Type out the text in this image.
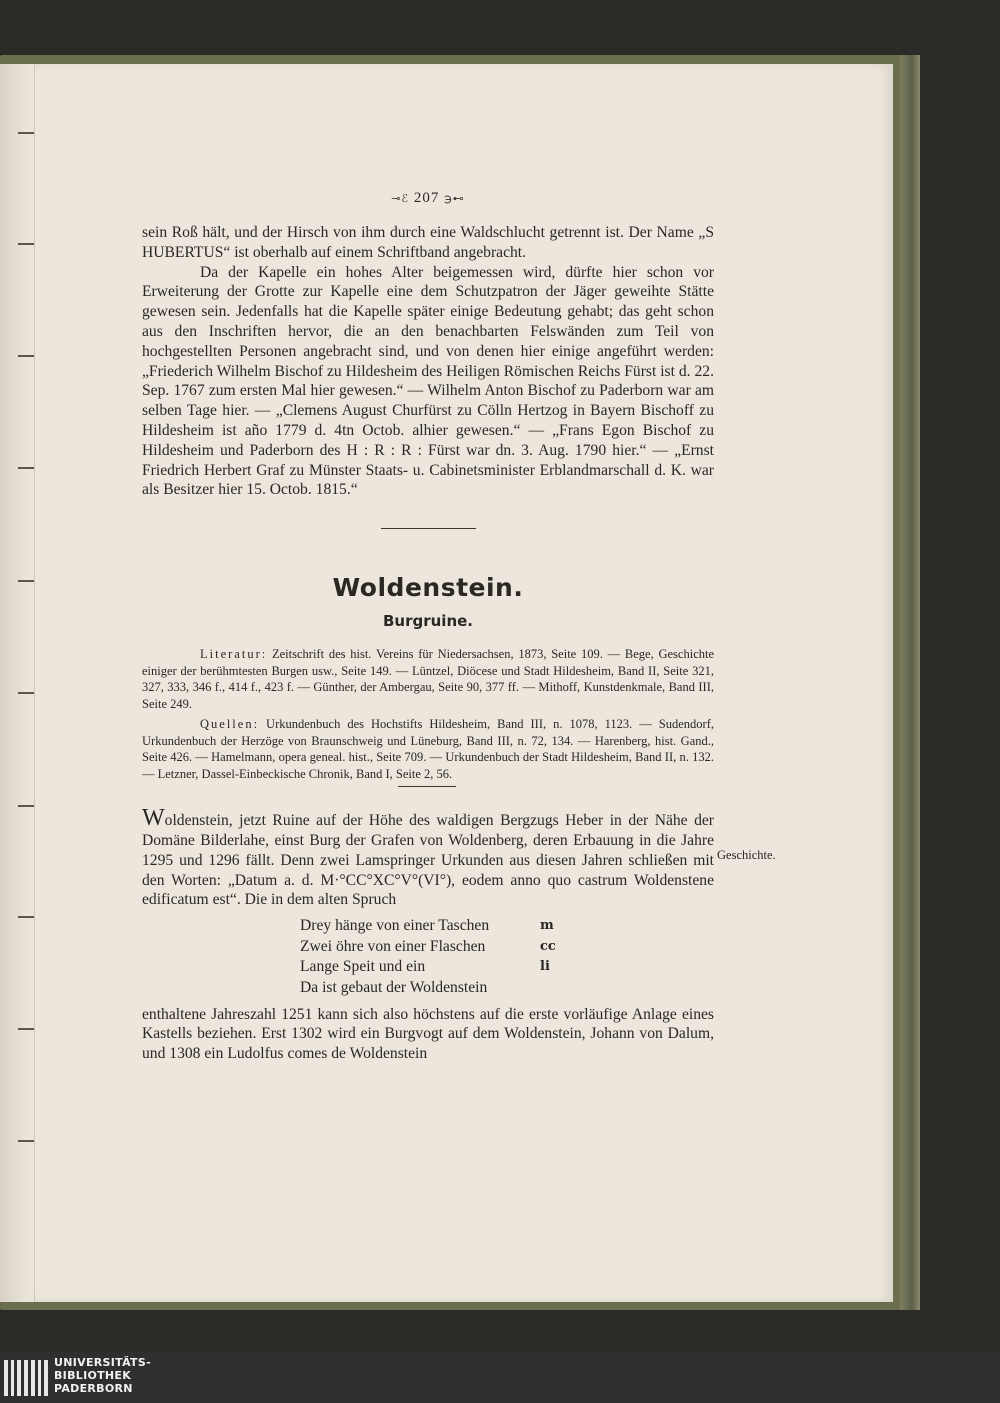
⊸ℰ 207 ℈⊷

sein Roß hält, und der Hirsch von ihm durch eine Waldschlucht getrennt ist. Der Name „S HUBERTUS“ ist oberhalb auf einem Schriftband angebracht.

Da der Kapelle ein hohes Alter beigemessen wird, dürfte hier schon vor Erweiterung der Grotte zur Kapelle eine dem Schutzpatron der Jäger geweihte Stätte gewesen sein. Jedenfalls hat die Kapelle später einige Bedeutung gehabt; das geht schon aus den Inschriften hervor, die an den benachbarten Felswänden zum Teil von hochgestellten Personen angebracht sind, und von denen hier einige angeführt werden: „Friederich Wilhelm Bischof zu Hildesheim des Heiligen Römischen Reichs Fürst ist d. 22. Sep. 1767 zum ersten Mal hier gewesen.“ — Wilhelm Anton Bischof zu Paderborn war am selben Tage hier. — „Clemens August Churfürst zu Cölln Hertzog in Bayern Bischoff zu Hildesheim ist año 1779 d. 4tn Octob. alhier gewesen.“ — „Frans Egon Bischof zu Hildesheim und Paderborn des H : R : R : Fürst war dn. 3. Aug. 1790 hier.“ — „Ernst Friedrich Herbert Graf zu Münster Staats- u. Cabinetsminister Erblandmarschall d. K. war als Besitzer hier 15. Octob. 1815.“

Woldenstein.
Burgruine.

Literatur: Zeitschrift des hist. Vereins für Niedersachsen, 1873, Seite 109. — Bege, Geschichte einiger der berühmtesten Burgen usw., Seite 149. — Lüntzel, Diöcese und Stadt Hildesheim, Band II, Seite 321, 327, 333, 346 f., 414 f., 423 f. — Günther, der Ambergau, Seite 90, 377 ff. — Mithoff, Kunstdenkmale, Band III, Seite 249.

Quellen: Urkundenbuch des Hochstifts Hildesheim, Band III, n. 1078, 1123. — Sudendorf, Urkundenbuch der Herzöge von Braunschweig und Lüneburg, Band III, n. 72, 134. — Harenberg, hist. Gand., Seite 426. — Hamelmann, opera geneal. hist., Seite 709. — Urkundenbuch der Stadt Hildesheim, Band II, n. 132. — Letzner, Dassel-Einbeckische Chronik, Band I, Seite 2, 56.

Woldenstein, jetzt Ruine auf der Höhe des waldigen Bergzugs Heber in der Nähe der Domäne Bilderlahe, einst Burg der Grafen von Woldenberg, deren Erbauung in die Jahre 1295 und 1296 fällt. Denn zwei Lamspringer Urkunden aus diesen Jahren schließen mit den Worten: „Datum a. d. M·°CC°XC°V°(VI°), eodem anno quo castrum Woldenstene edificatum est“. Die in dem alten Spruch

Drey hänge von einer Taschen	m
Zwei öhre von einer Flaschen	cc
Lange Speit und ein	li
Da ist gebaut der Woldenstein

enthaltene Jahreszahl 1251 kann sich also höchstens auf die erste vorläufige Anlage eines Kastells beziehen. Erst 1302 wird ein Burgvogt auf dem Woldenstein, Johann von Dalum, und 1308 ein Ludolfus comes de Woldenstein

Geschichte.
UNIVERSITÄTS-
BIBLIOTHEK
PADERBORN
